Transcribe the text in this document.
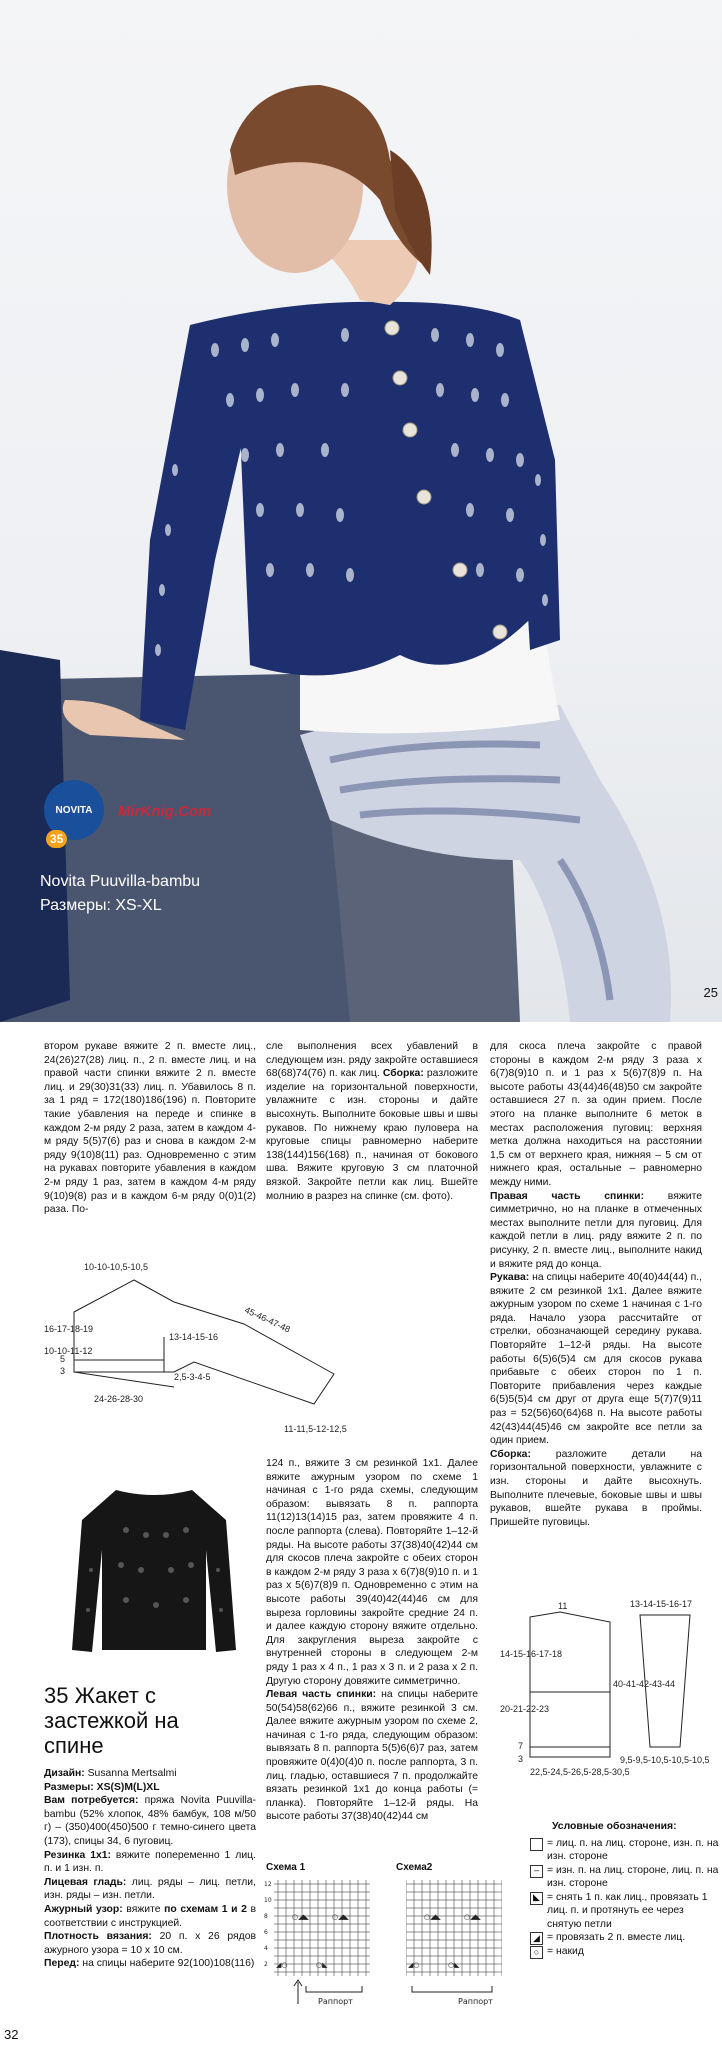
NOVITA
35
MirKnig.Com
Novita Puuvilla-bambu
Размеры: XS-XL
25

втором рукаве вяжите 2 п. вместе лиц., 24(26)27(28) лиц. п., 2 п. вместе лиц. и на правой части спинки вяжите 2 п. вместе лиц. и 29(30)31(33) лиц. п. Убавилось 8 п. за 1 ряд = 172(180)186(196) п. Повторите такие убавления на переде и спинке в каждом 2-м ряду 2 раза, затем в каждом 4-м ряду 5(5)7(6) раз и снова в каждом 2-м ряду 9(10)8(11) раз. Одновременно с этим на рукавах повторите убавления в каждом 2-м ряду 1 раз, затем в каждом 4-м ряду 9(10)9(8) раз и в каждом 6-м ряду 0(0)1(2) раза. По-

сле выполнения всех убавлений в следующем изн. ряду закройте оставшиеся 68(68)74(76) п. как лиц. Сборка: разложите изделие на горизонтальной поверхности, увлажните с изн. стороны и дайте высохнуть. Выполните боковые швы и швы рукавов. По нижнему краю пуловера на круговые спицы равномерно наберите 138(144)156(168) п., начиная от бокового шва. Вяжите круговую 3 см платочной вязкой. Закройте петли как лиц. Вшейте молнию в разрез на спинке (см. фото).

для скоса плеча закройте с правой стороны в каждом 2-м ряду 3 раза х 6(7)8(9)10 п. и 1 раз х 5(6)7(8)9 п. На высоте работы 43(44)46(48)50 см закройте оставшиеся 27 п. за один прием. После этого на планке выполните 6 меток в местах расположения пуговиц: верхняя метка должна находиться на расстоянии 1,5 см от верхнего края, нижняя – 5 см от нижнего края, остальные – равномерно между ними.

Правая часть спинки: вяжите симметрично, но на планке в отмеченных местах выполните петли для пуговиц. Для каждой петли в лиц. ряду вяжите 2 п. по рисунку, 2 п. вместе лиц., выполните накид и вяжите ряд до конца.

Рукава: на спицы наберите 40(40)44(44) п., вяжите 2 см резинкой 1х1. Далее вяжите ажурным узором по схеме 1 начиная с 1-го ряда. Начало узора рассчитайте от стрелки, обозначающей середину рукава. Повторяйте 1–12-й ряды. На высоте работы 6(5)6(5)4 см для скосов рукава прибавьте с обеих сторон по 1 п. Повторите прибавления через каждые 6(5)5(5)4 см друг от друга еще 5(7)7(9)11 раз = 52(56)60(64)68 п. На высоте работы 42(43)44(45)46 см закройте все петли за один прием.

Сборка: разложите детали на горизонтальной поверхности, увлажните с изн. стороны и дайте высохнуть. Выполните плечевые, боковые швы и швы рукавов, вшейте рукава в проймы. Пришейте пуговицы.

10-10-10,5-10,5
16-17-18-19
10-10-11-12
5
3
13-14-15-16
45-46-47-48
2,5-3-4-5
24-26-28-30
11-11,5-12-12,5
35 Жакет с застежкой на спине

Дизайн: Susanna Mertsalmi

Размеры: XS(S)M(L)XL

Вам потребуется: пряжа Novita Puuvilla-bambu (52% хлопок, 48% бамбук, 108 м/50 г) – (350)400(450)500 г темно-синего цвета (173), спицы 34, 6 пуговиц.

Резинка 1х1: вяжите попеременно 1 лиц. п. и 1 изн. п.

Лицевая гладь: лиц. ряды – лиц. петли, изн. ряды – изн. петли.

Ажурный узор: вяжите по схемам 1 и 2 в соответствии с инструкцией.

Плотность вязания: 20 п. х 26 рядов ажурного узора = 10 х 10 см.

Перед: на спицы наберите 92(100)108(116)

124 п., вяжите 3 см резинкой 1х1. Далее вяжите ажурным узором по схеме 1 начиная с 1-го ряда схемы, следующим образом: вывязать 8 п. раппорта 11(12)13(14)15 раз, затем провяжите 4 п. после раппорта (слева). Повторяйте 1–12-й ряды. На высоте работы 37(38)40(42)44 см для скосов плеча закройте с обеих сторон в каждом 2-м ряду 3 раза х 6(7)8(9)10 п. и 1 раз х 5(6)7(8)9 п. Одновременно с этим на высоте работы 39(40)42(44)46 см для выреза горловины закройте средние 24 п. и далее каждую сторону вяжите отдельно. Для закругления выреза закройте с внутренней стороны в следующем 2-м ряду 1 раз х 4 п., 1 раз х 3 п. и 2 раза х 2 п. Другую сторону довяжите симметрично.

Левая часть спинки: на спицы наберите 50(54)58(62)66 п., вяжите резинкой 3 см. Далее вяжите ажурным узором по схеме 2, начиная с 1-го ряда, следующим образом: вывязать 8 п. раппорта 5(5)6(6)7 раз, затем провяжите 0(4)0(4)0 п. после раппорта, 3 п. лиц. гладью, оставшиеся 7 п. продолжайте вязать резинкой 1х1 до конца работы (= планка). Повторяйте 1–12-й ряды. На высоте работы 37(38)40(42)44 см

11
14-15-16-17-18
20-21-22-23
7
3
40-41-42-43-44
22,5-24,5-26,5-28,5-30,5
13-14-15-16-17
9,5-9,5-10,5-10,5-10,5
Схема 1	Схема2
12
10
8
6
4
2
○◢◣	○◢◣
◢○	○◣
○◢◣	○◢◣
◢○	○◣
Раппорт	Раппорт
Условные обозначения:
= лиц. п. на лиц. стороне, изн. п. на изн. стороне
– = изн. п. на лиц. стороне, лиц. п. на изн. стороне
◣ = снять 1 п. как лиц., провязать 1 лиц. п. и протянуть ее через снятую петли
◢ = провязать 2 п. вместе лиц.
○ = накид
32
